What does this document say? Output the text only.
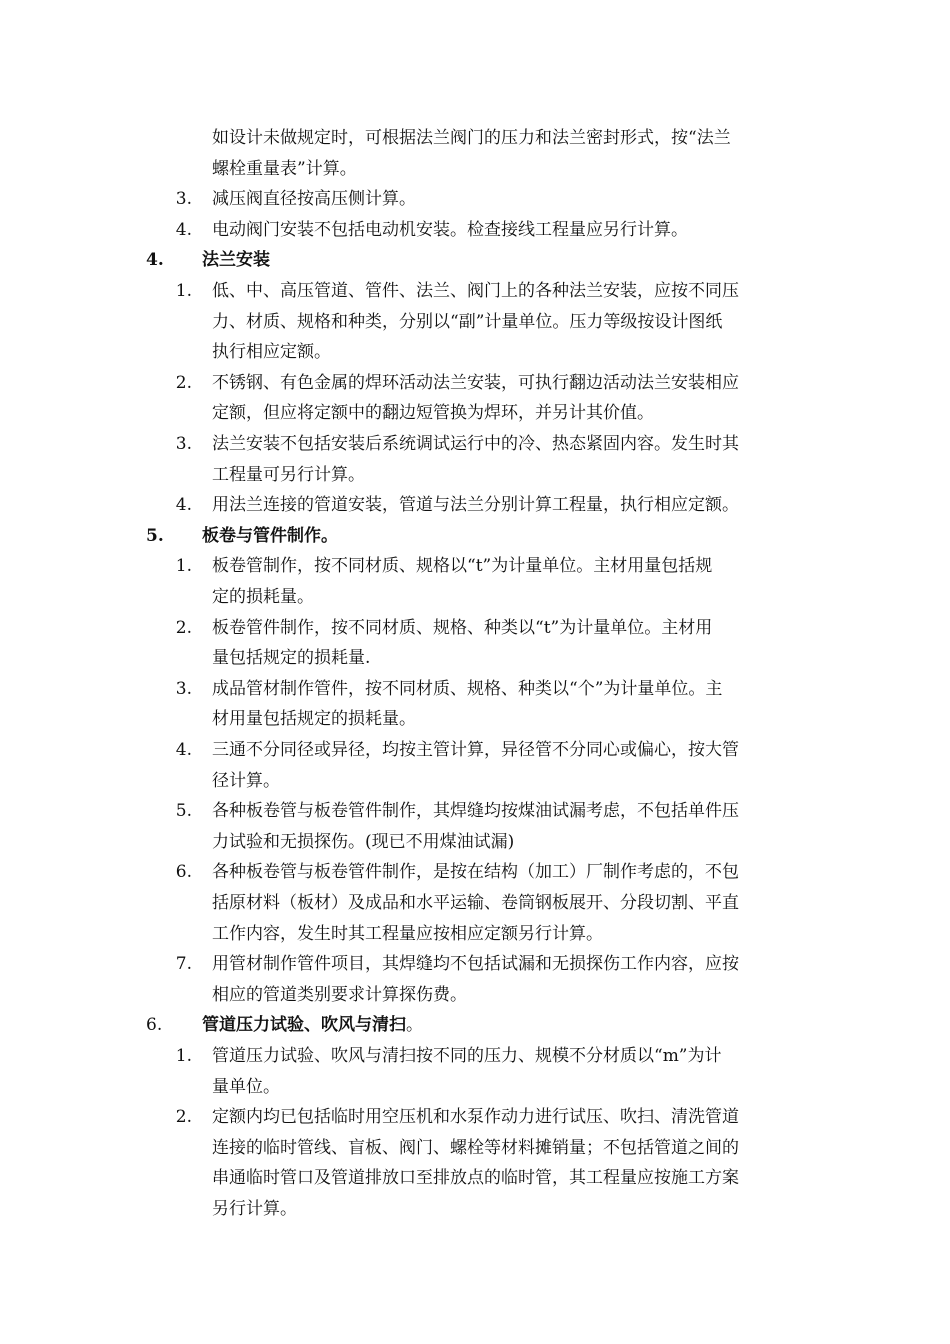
如设计未做规定时，可根据法兰阀门的压力和法兰密封形式，按“法兰
螺栓重量表”计算。
3. 减压阀直径按高压侧计算。
4. 电动阀门安装不包括电动机安装。检查接线工程量应另行计算。
4. 法兰安装
1. 低、中、高压管道、管件、法兰、阀门上的各种法兰安装，应按不同压
力、材质、规格和种类，分别以“副”计量单位。压力等级按设计图纸
执行相应定额。
2. 不锈钢、有色金属的焊环活动法兰安装，可执行翻边活动法兰安装相应
定额，但应将定额中的翻边短管换为焊环，并另计其价值。
3. 法兰安装不包括安装后系统调试运行中的冷、热态紧固内容。发生时其
工程量可另行计算。
4. 用法兰连接的管道安装，管道与法兰分别计算工程量，执行相应定额。
5. 板卷与管件制作。
1. 板卷管制作，按不同材质、规格以“t”为计量单位。主材用量包括规
定的损耗量。
2. 板卷管件制作，按不同材质、规格、种类以“t”为计量单位。主材用
量包括规定的损耗量.
3. 成品管材制作管件，按不同材质、规格、种类以“个”为计量单位。主
材用量包括规定的损耗量。
4. 三通不分同径或异径，均按主管计算，异径管不分同心或偏心，按大管
径计算。
5. 各种板卷管与板卷管件制作，其焊缝均按煤油试漏考虑，不包括单件压
力试验和无损探伤。(现已不用煤油试漏)
6. 各种板卷管与板卷管件制作，是按在结构（加工）厂制作考虑的，不包
括原材料（板材）及成品和水平运输、卷筒钢板展开、分段切割、平直
工作内容，发生时其工程量应按相应定额另行计算。
7. 用管材制作管件项目，其焊缝均不包括试漏和无损探伤工作内容，应按
相应的管道类别要求计算探伤费。
6. 管道压力试验、吹风与清扫。
1. 管道压力试验、吹风与清扫按不同的压力、规模不分材质以“m”为计
量单位。
2. 定额内均已包括临时用空压机和水泵作动力进行试压、吹扫、清洗管道
连接的临时管线、盲板、阀门、螺栓等材料摊销量；不包括管道之间的
串通临时管口及管道排放口至排放点的临时管，其工程量应按施工方案
另行计算。
